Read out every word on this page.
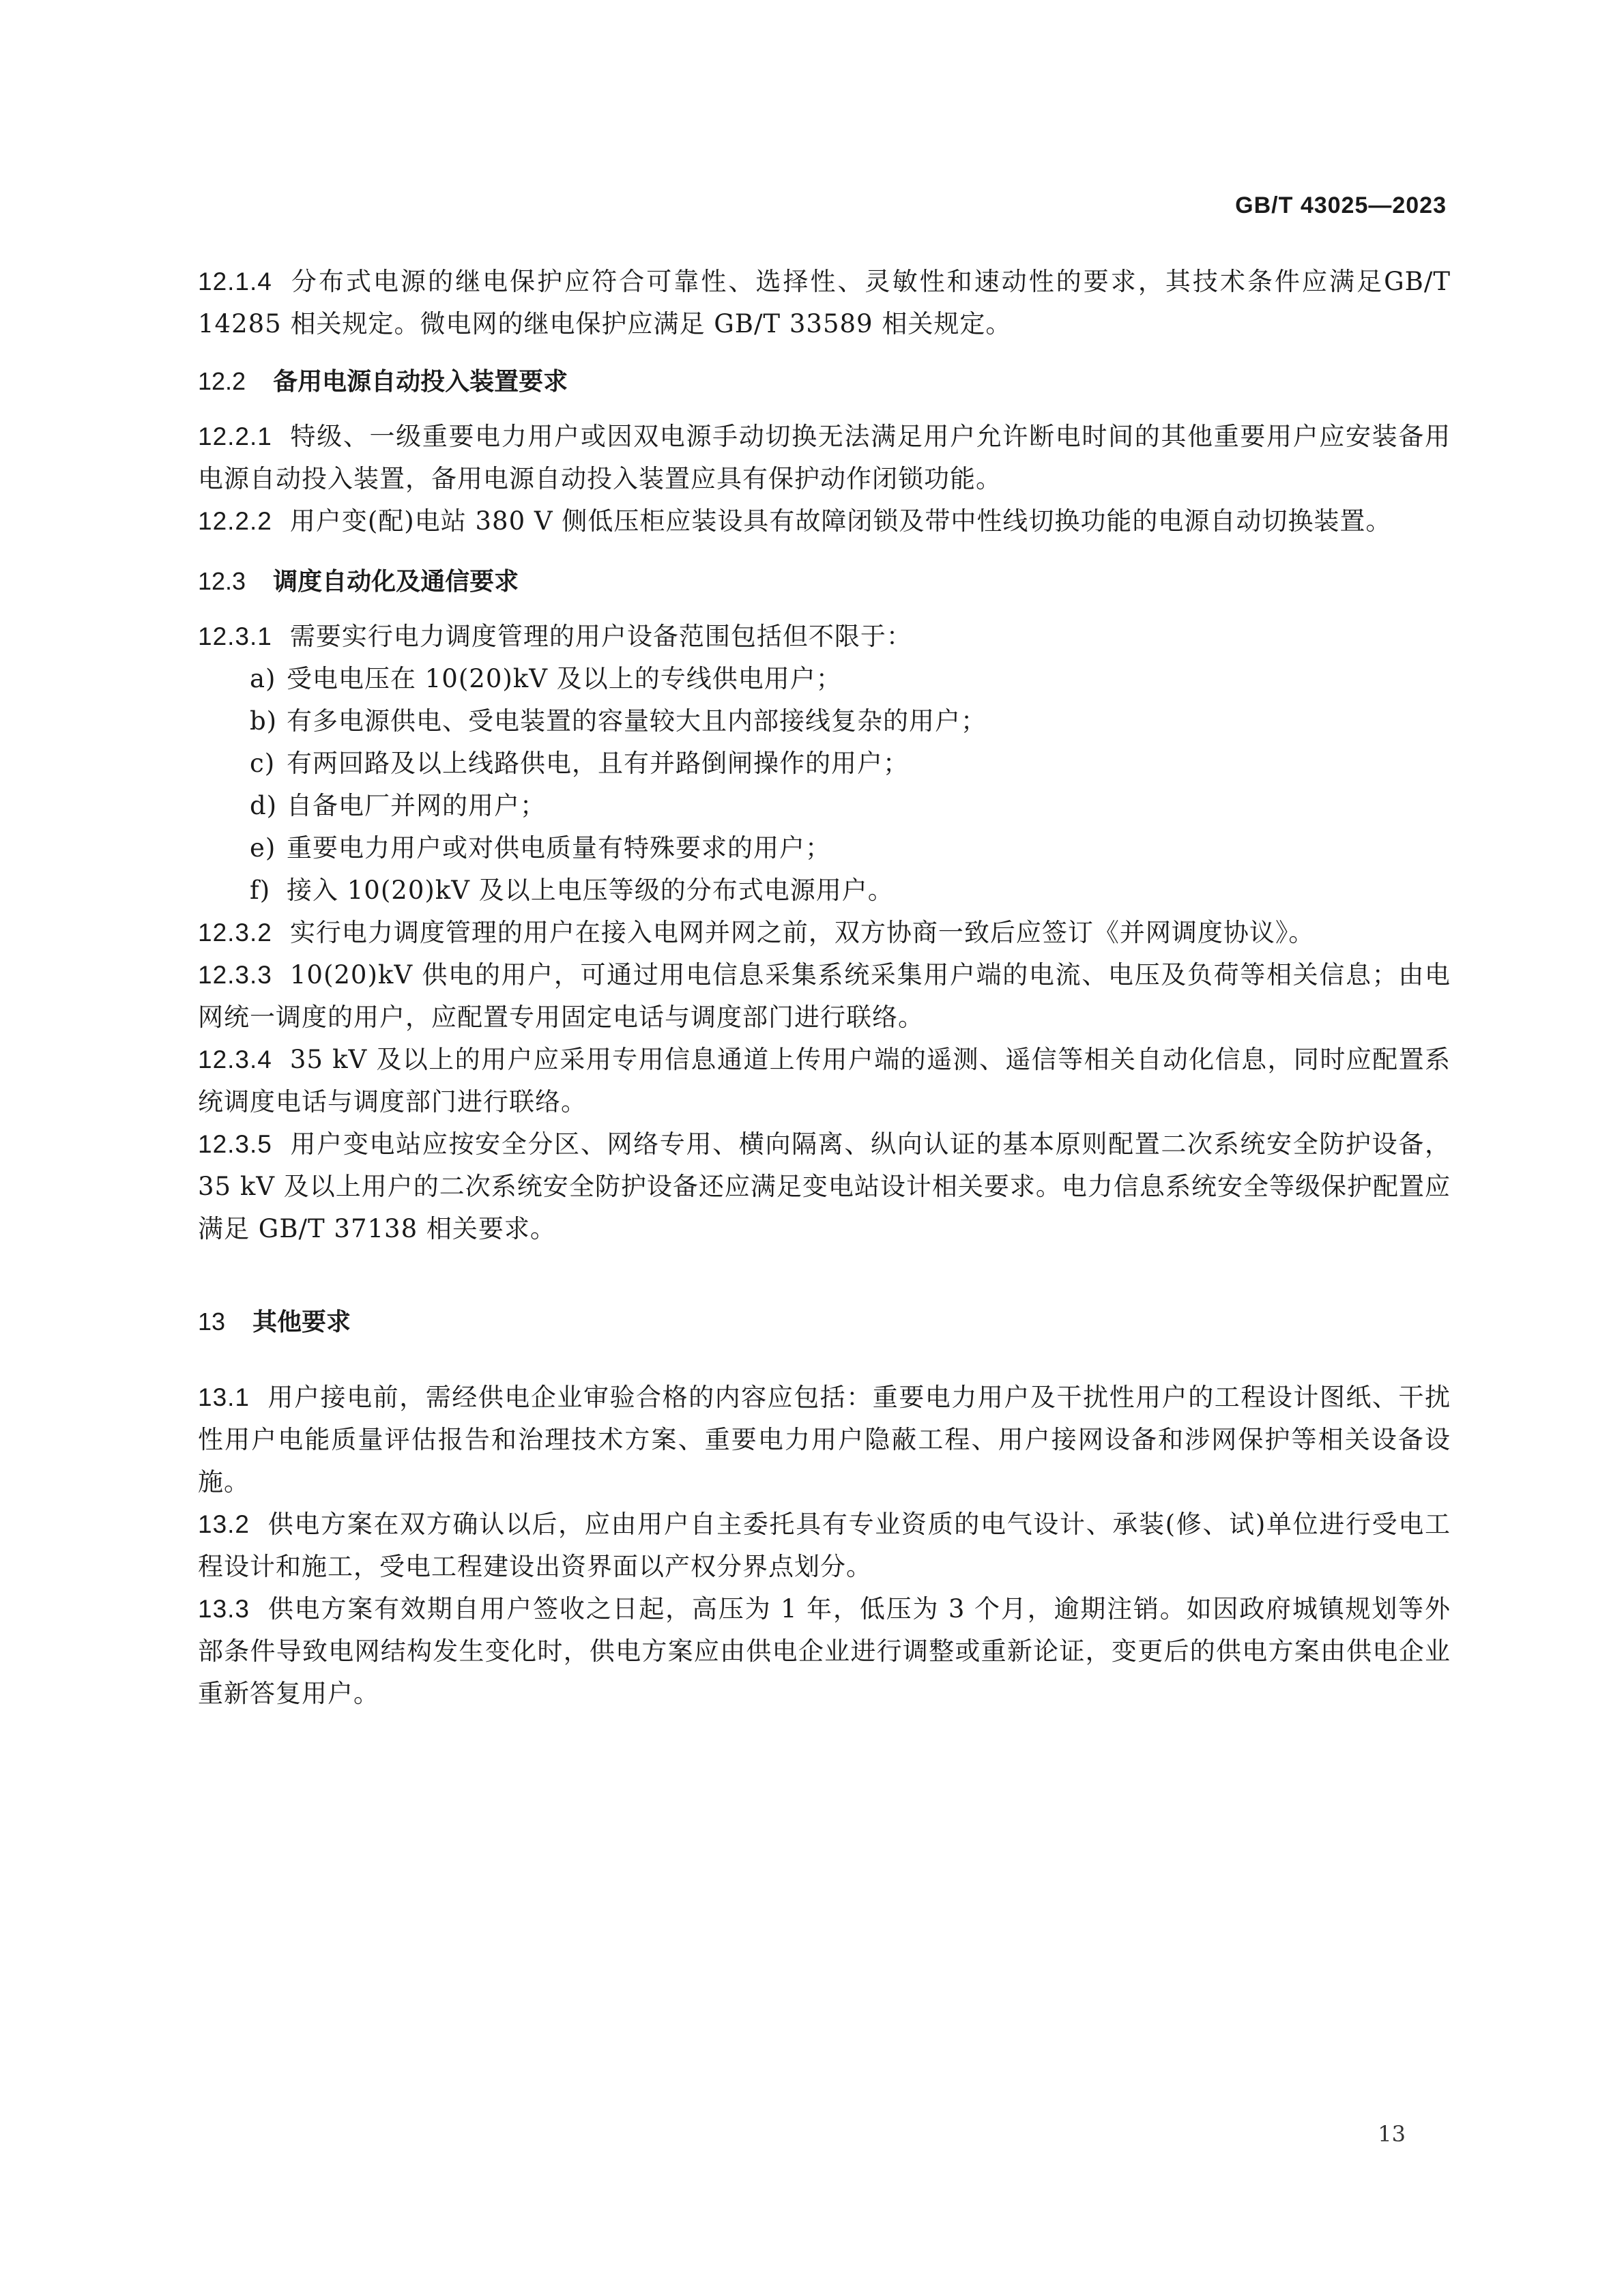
GB/T 43025—2023

12.1.4 分布式电源的继电保护应符合可靠性、选择性、灵敏性和速动性的要求，其技术条件应满足GB/T 14285 相关规定。微电网的继电保护应满足 GB/T 33589 相关规定。

12.2 备用电源自动投入装置要求

12.2.1 特级、一级重要电力用户或因双电源手动切换无法满足用户允许断电时间的其他重要用户应安装备用电源自动投入装置，备用电源自动投入装置应具有保护动作闭锁功能。

12.2.2 用户变(配)电站 380 V 侧低压柜应装设具有故障闭锁及带中性线切换功能的电源自动切换装置。

12.3 调度自动化及通信要求

12.3.1 需要实行电力调度管理的用户设备范围包括但不限于：

a) 受电电压在 10(20)kV 及以上的专线供电用户；
b) 有多电源供电、受电装置的容量较大且内部接线复杂的用户；
c) 有两回路及以上线路供电，且有并路倒闸操作的用户；
d) 自备电厂并网的用户；
e) 重要电力用户或对供电质量有特殊要求的用户；
f) 接入 10(20)kV 及以上电压等级的分布式电源用户。

12.3.2 实行电力调度管理的用户在接入电网并网之前，双方协商一致后应签订《并网调度协议》。

12.3.3 10(20)kV 供电的用户，可通过用电信息采集系统采集用户端的电流、电压及负荷等相关信息；由电网统一调度的用户，应配置专用固定电话与调度部门进行联络。

12.3.4 35 kV 及以上的用户应采用专用信息通道上传用户端的遥测、遥信等相关自动化信息，同时应配置系统调度电话与调度部门进行联络。

12.3.5 用户变电站应按安全分区、网络专用、横向隔离、纵向认证的基本原则配置二次系统安全防护设备，35 kV 及以上用户的二次系统安全防护设备还应满足变电站设计相关要求。电力信息系统安全等级保护配置应满足 GB/T 37138 相关要求。

13 其他要求

13.1 用户接电前，需经供电企业审验合格的内容应包括：重要电力用户及干扰性用户的工程设计图纸、干扰性用户电能质量评估报告和治理技术方案、重要电力用户隐蔽工程、用户接网设备和涉网保护等相关设备设施。

13.2 供电方案在双方确认以后，应由用户自主委托具有专业资质的电气设计、承装(修、试)单位进行受电工程设计和施工，受电工程建设出资界面以产权分界点划分。

13.3 供电方案有效期自用户签收之日起，高压为 1 年，低压为 3 个月，逾期注销。如因政府城镇规划等外部条件导致电网结构发生变化时，供电方案应由供电企业进行调整或重新论证，变更后的供电方案由供电企业重新答复用户。

13
